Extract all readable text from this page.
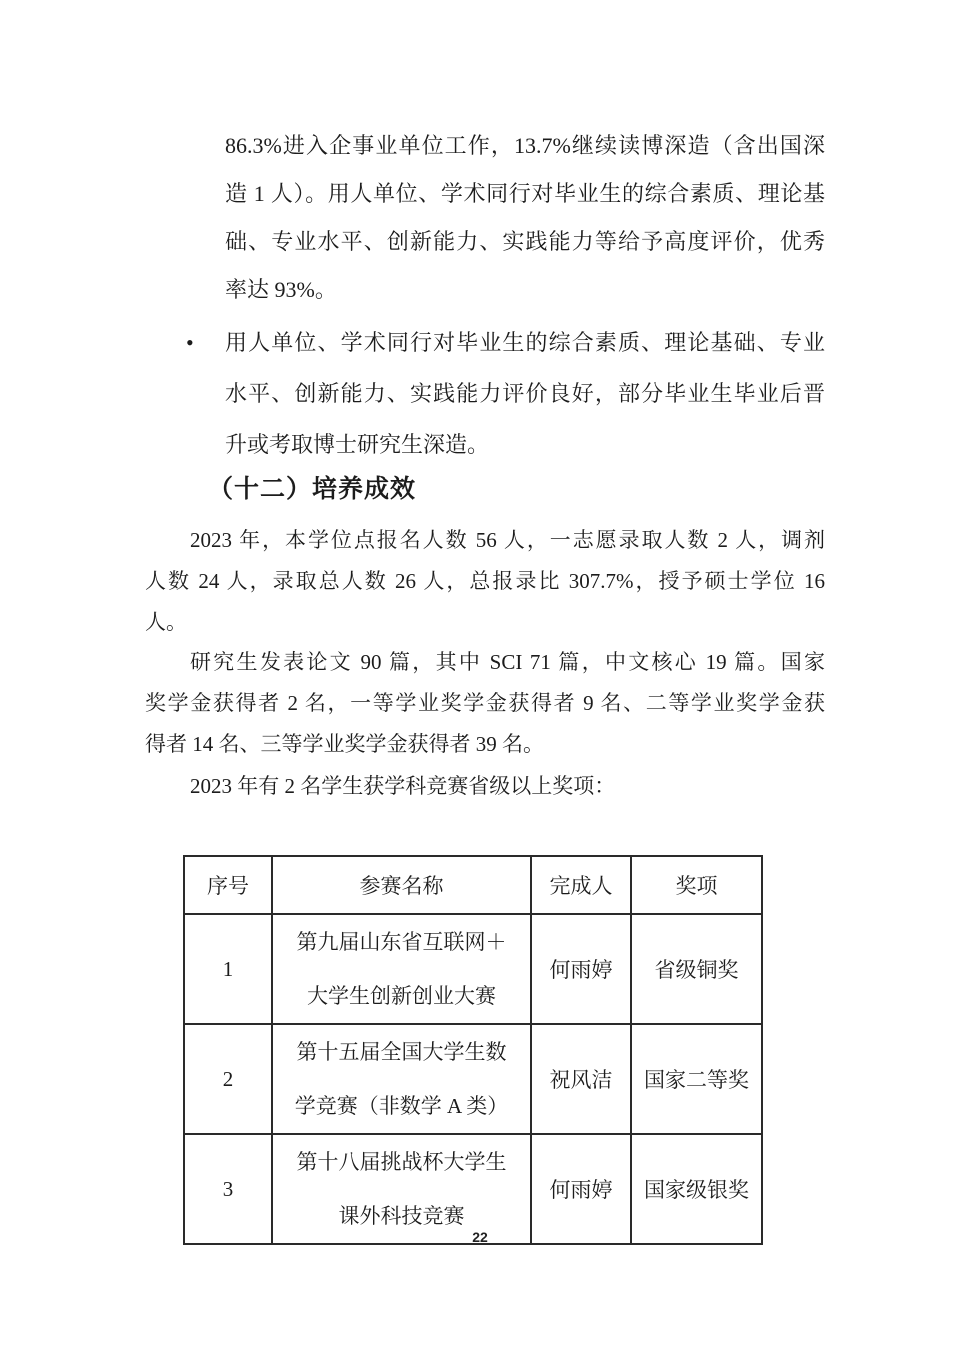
86.3%进入企事业单位工作，13.7%继续读博深造（含出国深
造 1 人）。用人单位、学术同行对毕业生的综合素质、理论基
础、专业水平、创新能力、实践能力等给予高度评价，优秀
率达 93%。
• 用人单位、学术同行对毕业生的综合素质、理论基础、专业
水平、创新能力、实践能力评价良好，部分毕业生毕业后晋
升或考取博士研究生深造。
（十二）培养成效
2023 年，本学位点报名人数 56 人，一志愿录取人数 2 人，调剂
人数 24 人，录取总人数 26 人，总报录比 307.7%，授予硕士学位 16
人。
研究生发表论文 90 篇，其中 SCI 71 篇，中文核心 19 篇。国家
奖学金获得者 2 名，一等学业奖学金获得者 9 名、二等学业奖学金获
得者 14 名、三等学业奖学金获得者 39 名。
2023 年有 2 名学生获学科竞赛省级以上奖项：
序号	参赛名称	完成人	奖项
1	第九届山东省互联网＋
大学生创新创业大赛	何雨婷	省级铜奖
2	第十五届全国大学生数
学竞赛（非数学 A 类）	祝风洁	国家二等奖
3	第十八届挑战杯大学生
课外科技竞赛	何雨婷	国家级银奖
22
